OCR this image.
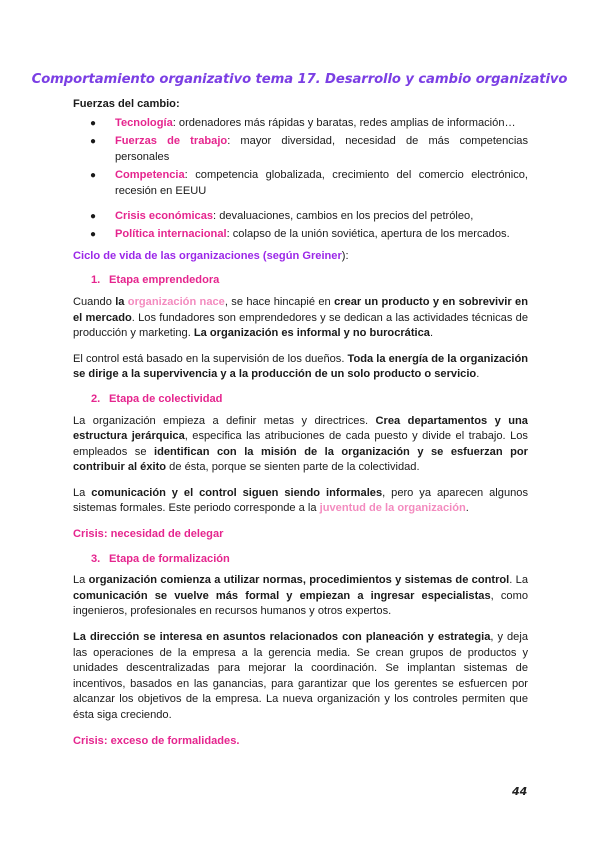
Comportamiento organizativo tema 17. Desarrollo y cambio organizativo

Fuerzas del cambio:

● Tecnología: ordenadores más rápidas y baratas, redes amplias de información…
● Fuerzas de trabajo: mayor diversidad, necesidad de más competencias personales
● Competencia: competencia globalizada, crecimiento del comercio electrónico, recesión en EEUU
● Crisis económicas: devaluaciones, cambios en los precios del petróleo,
● Política internacional: colapso de la unión soviética, apertura de los mercados.

Ciclo de vida de las organizaciones (según Greiner):

1. Etapa emprendedora

Cuando la organización nace, se hace hincapié en crear un producto y en sobrevivir en el mercado. Los fundadores son emprendedores y se dedican a las actividades técnicas de producción y marketing. La organización es informal y no burocrática.

El control está basado en la supervisión de los dueños. Toda la energía de la organización se dirige a la supervivencia y a la producción de un solo producto o servicio.

2. Etapa de colectividad

La organización empieza a definir metas y directrices. Crea departamentos y una estructura jerárquica, especifica las atribuciones de cada puesto y divide el trabajo. Los empleados se identifican con la misión de la organización y se esfuerzan por contribuir al éxito de ésta, porque se sienten parte de la colectividad.

La comunicación y el control siguen siendo informales, pero ya aparecen algunos sistemas formales. Este periodo corresponde a la juventud de la organización.

Crisis: necesidad de delegar

3. Etapa de formalización

La organización comienza a utilizar normas, procedimientos y sistemas de control. La comunicación se vuelve más formal y empiezan a ingresar especialistas, como ingenieros, profesionales en recursos humanos y otros expertos.

La dirección se interesa en asuntos relacionados con planeación y estrategia, y deja las operaciones de la empresa a la gerencia media. Se crean grupos de productos y unidades descentralizadas para mejorar la coordinación. Se implantan sistemas de incentivos, basados en las ganancias, para garantizar que los gerentes se esfuercen por alcanzar los objetivos de la empresa. La nueva organización y los controles permiten que ésta siga creciendo.

Crisis: exceso de formalidades.

44
